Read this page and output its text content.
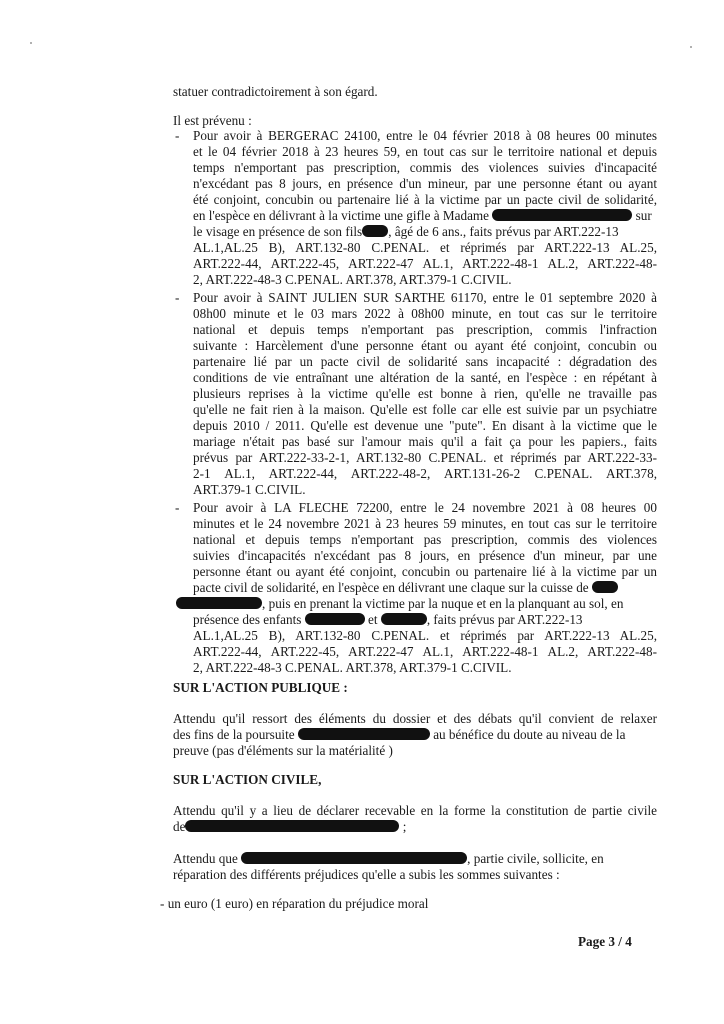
statuer contradictoirement à son égard.
Il est prévenu :
- Pour avoir à BERGERAC 24100, entre le 04 février 2018 à 08 heures 00 minutes
et le 04 février 2018 à 23 heures 59, en tout cas sur le territoire national et depuis
temps n'emportant pas prescription, commis des violences suivies d'incapacité
n'excédant pas 8 jours, en présence d'un mineur, par une personne étant ou ayant
été conjoint, concubin ou partenaire lié à la victime par un pacte civil de solidarité,
en l'espèce en délivrant à la victime une gifle à Madame	sur
le visage en présence de son fils , âgé de 6 ans., faits prévus par ART.222-13
AL.1,AL.25 B), ART.132-80 C.PENAL. et réprimés par ART.222-13 AL.25,
ART.222-44, ART.222-45, ART.222-47 AL.1, ART.222-48-1 AL.2, ART.222-48-
2, ART.222-48-3 C.PENAL. ART.378, ART.379-1 C.CIVIL.
- Pour avoir à SAINT JULIEN SUR SARTHE 61170, entre le 01 septembre 2020 à
08h00 minute et le 03 mars 2022 à 08h00 minute, en tout cas sur le territoire
national et depuis temps n'emportant pas prescription, commis l'infraction
suivante : Harcèlement d'une personne étant ou ayant été conjoint, concubin ou
partenaire lié par un pacte civil de solidarité sans incapacité : dégradation des
conditions de vie entraînant une altération de la santé, en l'espèce : en répétant à
plusieurs reprises à la victime qu'elle est bonne à rien, qu'elle ne travaille pas
qu'elle ne fait rien à la maison. Qu'elle est folle car elle est suivie par un psychiatre
depuis 2010 / 2011. Qu'elle est devenue une "pute". En disant à la victime que le
mariage n'était pas basé sur l'amour mais qu'il a fait ça pour les papiers., faits
prévus par ART.222-33-2-1, ART.132-80 C.PENAL. et réprimés par ART.222-33-
2-1 AL.1, ART.222-44, ART.222-48-2, ART.131-26-2 C.PENAL. ART.378,
ART.379-1 C.CIVIL.
- Pour avoir à LA FLECHE 72200, entre le 24 novembre 2021 à 08 heures 00
minutes et le 24 novembre 2021 à 23 heures 59 minutes, en tout cas sur le territoire
national et depuis temps n'emportant pas prescription, commis des violences
suivies d'incapacités n'excédant pas 8 jours, en présence d'un mineur, par une
personne étant ou ayant été conjoint, concubin ou partenaire lié à la victime par un
pacte civil de solidarité, en l'espèce en délivrant une claque sur la cuisse de
, puis en prenant la victime par la nuque et en la planquant au sol, en
présence des enfants	et	, faits prévus par ART.222-13
AL.1,AL.25 B), ART.132-80 C.PENAL. et réprimés par ART.222-13 AL.25,
ART.222-44, ART.222-45, ART.222-47 AL.1, ART.222-48-1 AL.2, ART.222-48-
2, ART.222-48-3 C.PENAL. ART.378, ART.379-1 C.CIVIL.
SUR L'ACTION PUBLIQUE :
Attendu qu'il ressort des éléments du dossier et des débats qu'il convient de relaxer
des fins de la poursuite	au bénéfice du doute au niveau de la
preuve (pas d'éléments sur la matérialité )
SUR L'ACTION CIVILE,
Attendu qu'il y a lieu de déclarer recevable en la forme la constitution de partie civile
de	;
Attendu que	, partie civile, sollicite, en
réparation des différents préjudices qu'elle a subis les sommes suivantes :
- un euro (1 euro) en réparation du préjudice moral
Page 3 / 4
